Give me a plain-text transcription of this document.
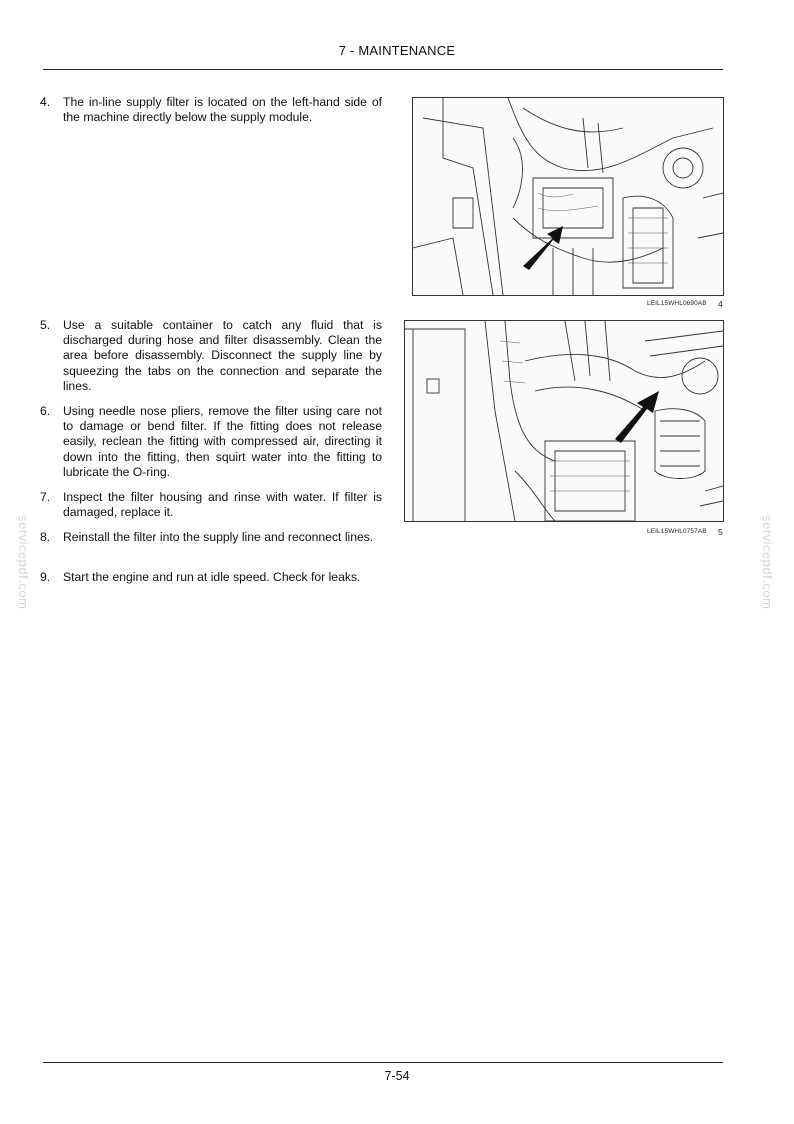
7 - MAINTENANCE
4.	The in-line supply filter is located on the left-hand side of the machine directly below the supply module.
5.	Use a suitable container to catch any fluid that is discharged during hose and filter disassembly. Clean the area before disassembly. Disconnect the supply line by squeezing the tabs on the connection and separate the lines.
6.	Using needle nose pliers, remove the filter using care not to damage or bend filter. If the fitting does not release easily, reclean the fitting with compressed air, directing it down into the fitting, then squirt water into the fitting to lubricate the O-ring.
7.	Inspect the filter housing and rinse with water. If filter is damaged, replace it.
8.	Reinstall the filter into the supply line and reconnect lines.
9.	Start the engine and run at idle speed. Check for leaks.
LEIL15WHL0690AB 4
LEIL15WHL0757AB 5
servicepdf.com	servicepdf.com
7-54
